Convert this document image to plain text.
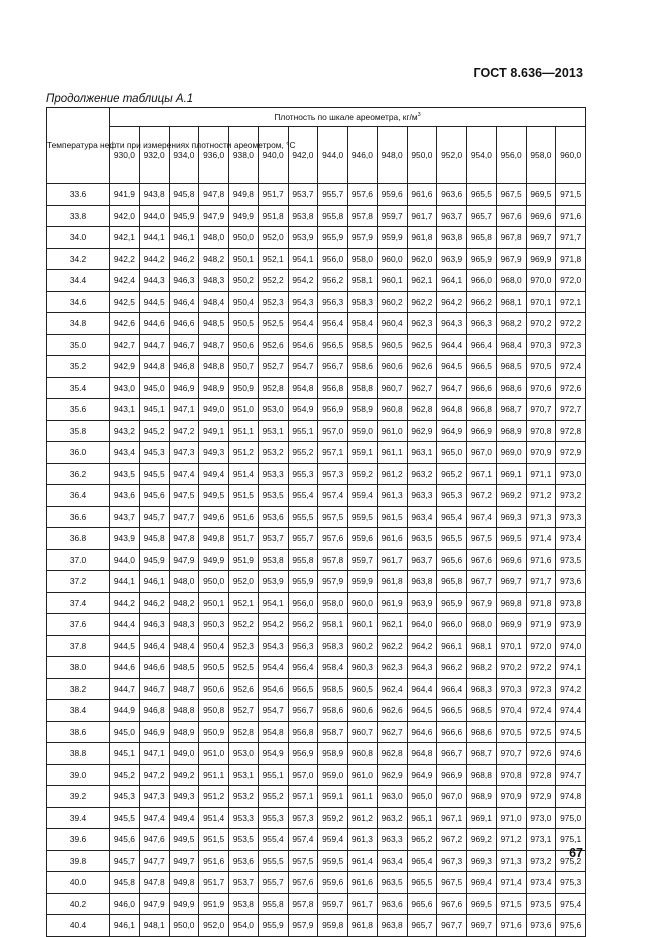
ГОСТ 8.636—2013
Продолжение таблицы А.1
Температура нефти при измерениях плотности ареометром, °С	Плотность по шкале ареометра, $кг/м^3$
	930,0	932,0	934,0	936,0	938,0	940,0	942,0	944,0	946,0	948,0	950,0	952,0	954,0	956,0	958,0	960,0
33.6	941,9	943,8	945,8	947,8	949,8	951,7	953,7	955,7	957,6	959,6	961,6	963,6	965,5	967,5	969,5	971,5
33.8	942,0	944,0	945,9	947,9	949,9	951,8	953,8	955,8	957,8	959,7	961,7	963,7	965,7	967,6	969,6	971,6
34.0	942,1	944,1	946,1	948,0	950,0	952,0	953,9	955,9	957,9	959,9	961,8	963,8	965,8	967,8	969,7	971,7
34.2	942,2	944,2	946,2	948,2	950,1	952,1	954,1	956,0	958,0	960,0	962,0	963,9	965,9	967,9	969,9	971,8
34.4	942,4	944,3	946,3	948,3	950,2	952,2	954,2	956,2	958,1	960,1	962,1	964,1	966,0	968,0	970,0	972,0
34.6	942,5	944,5	946,4	948,4	950,4	952,3	954,3	956,3	958,3	960,2	962,2	964,2	966,2	968,1	970,1	972,1
34.8	942,6	944,6	946,6	948,5	950,5	952,5	954,4	956,4	958,4	960,4	962,3	964,3	966,3	968,2	970,2	972,2
35.0	942,7	944,7	946,7	948,7	950,6	952,6	954,6	956,5	958,5	960,5	962,5	964,4	966,4	968,4	970,3	972,3
35.2	942,9	944,8	946,8	948,8	950,7	952,7	954,7	956,7	958,6	960,6	962,6	964,5	966,5	968,5	970,5	972,4
35.4	943,0	945,0	946,9	948,9	950,9	952,8	954,8	956,8	958,8	960,7	962,7	964,7	966,6	968,6	970,6	972,6
35.6	943,1	945,1	947,1	949,0	951,0	953,0	954,9	956,9	958,9	960,8	962,8	964,8	966,8	968,7	970,7	972,7
35.8	943,2	945,2	947,2	949,1	951,1	953,1	955,1	957,0	959,0	961,0	962,9	964,9	966,9	968,9	970,8	972,8
36.0	943,4	945,3	947,3	949,3	951,2	953,2	955,2	957,1	959,1	961,1	963,1	965,0	967,0	969,0	970,9	972,9
36.2	943,5	945,5	947,4	949,4	951,4	953,3	955,3	957,3	959,2	961,2	963,2	965,2	967,1	969,1	971,1	973,0
36.4	943,6	945,6	947,5	949,5	951,5	953,5	955,4	957,4	959,4	961,3	963,3	965,3	967,2	969,2	971,2	973,2
36.6	943,7	945,7	947,7	949,6	951,6	953,6	955,5	957,5	959,5	961,5	963,4	965,4	967,4	969,3	971,3	973,3
36.8	943,9	945,8	947,8	949,8	951,7	953,7	955,7	957,6	959,6	961,6	963,5	965,5	967,5	969,5	971,4	973,4
37.0	944,0	945,9	947,9	949,9	951,9	953,8	955,8	957,8	959,7	961,7	963,7	965,6	967,6	969,6	971,6	973,5
37.2	944,1	946,1	948,0	950,0	952,0	953,9	955,9	957,9	959,9	961,8	963,8	965,8	967,7	969,7	971,7	973,6
37.4	944,2	946,2	948,2	950,1	952,1	954,1	956,0	958,0	960,0	961,9	963,9	965,9	967,9	969,8	971,8	973,8
37.6	944,4	946,3	948,3	950,3	952,2	954,2	956,2	958,1	960,1	962,1	964,0	966,0	968,0	969,9	971,9	973,9
37.8	944,5	946,4	948,4	950,4	952,3	954,3	956,3	958,3	960,2	962,2	964,2	966,1	968,1	970,1	972,0	974,0
38.0	944,6	946,6	948,5	950,5	952,5	954,4	956,4	958,4	960,3	962,3	964,3	966,2	968,2	970,2	972,2	974,1
38.2	944,7	946,7	948,7	950,6	952,6	954,6	956,5	958,5	960,5	962,4	964,4	966,4	968,3	970,3	972,3	974,2
38.4	944,9	946,8	948,8	950,8	952,7	954,7	956,7	958,6	960,6	962,6	964,5	966,5	968,5	970,4	972,4	974,4
38.6	945,0	946,9	948,9	950,9	952,8	954,8	956,8	958,7	960,7	962,7	964,6	966,6	968,6	970,5	972,5	974,5
38.8	945,1	947,1	949,0	951,0	953,0	954,9	956,9	958,9	960,8	962,8	964,8	966,7	968,7	970,7	972,6	974,6
39.0	945,2	947,2	949,2	951,1	953,1	955,1	957,0	959,0	961,0	962,9	964,9	966,9	968,8	970,8	972,8	974,7
39.2	945,3	947,3	949,3	951,2	953,2	955,2	957,1	959,1	961,1	963,0	965,0	967,0	968,9	970,9	972,9	974,8
39.4	945,5	947,4	949,4	951,4	953,3	955,3	957,3	959,2	961,2	963,2	965,1	967,1	969,1	971,0	973,0	975,0
39.6	945,6	947,6	949,5	951,5	953,5	955,4	957,4	959,4	961,3	963,3	965,2	967,2	969,2	971,2	973,1	975,1
39.8	945,7	947,7	949,7	951,6	953,6	955,5	957,5	959,5	961,4	963,4	965,4	967,3	969,3	971,3	973,2	975,2
40.0	945,8	947,8	949,8	951,7	953,7	955,7	957,6	959,6	961,6	963,5	965,5	967,5	969,4	971,4	973,4	975,3
40.2	946,0	947,9	949,9	951,9	953,8	955,8	957,8	959,7	961,7	963,6	965,6	967,6	969,5	971,5	973,5	975,4
40.4	946,1	948,1	950,0	952,0	954,0	955,9	957,9	959,8	961,8	963,8	965,7	967,7	969,7	971,6	973,6	975,6
67
